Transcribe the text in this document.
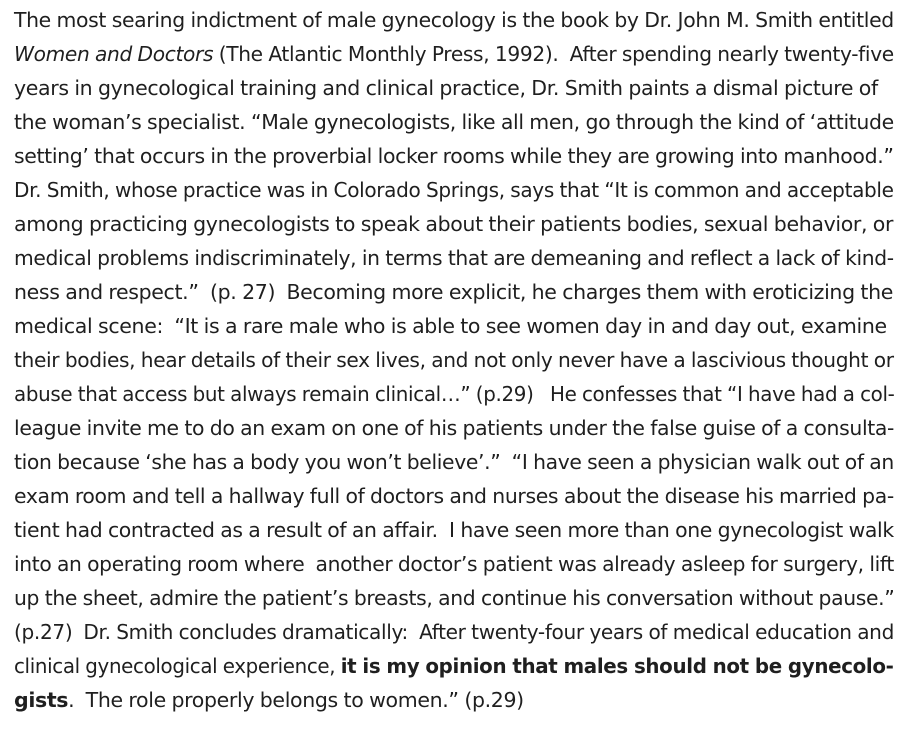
The most searing indictment of male gynecology is the book by Dr. John M. Smith entitled
Women and Doctors (The Atlantic Monthly Press, 1992).  After spending nearly twenty-five
years in gynecological training and clinical practice, Dr. Smith paints a dismal picture of
the woman’s specialist. “Male gynecologists, like all men, go through the kind of ‘attitude
setting’ that occurs in the proverbial locker rooms while they are growing into manhood.”
Dr. Smith, whose practice was in Colorado Springs, says that “It is common and acceptable
among practicing gynecologists to speak about their patients bodies, sexual behavior, or
medical problems indiscriminately, in terms that are demeaning and reflect a lack of kind-
ness and respect.”  (p. 27)  Becoming more explicit, he charges them with eroticizing the
medical scene:  “It is a rare male who is able to see women day in and day out, examine
their bodies, hear details of their sex lives, and not only never have a lascivious thought or
abuse that access but always remain clinical…” (p.29)   He confesses that “I have had a col-
league invite me to do an exam on one of his patients under the false guise of a consulta-
tion because ‘she has a body you won’t believe’.”  “I have seen a physician walk out of an
exam room and tell a hallway full of doctors and nurses about the disease his married pa-
tient had contracted as a result of an affair.  I have seen more than one gynecologist walk
into an operating room where  another doctor’s patient was already asleep for surgery, lift
up the sheet, admire the patient’s breasts, and continue his conversation without pause.”
(p.27)  Dr. Smith concludes dramatically:  After twenty-four years of medical education and
clinical gynecological experience, it is my opinion that males should not be gynecolo-
gists.  The role properly belongs to women.” (p.29)
